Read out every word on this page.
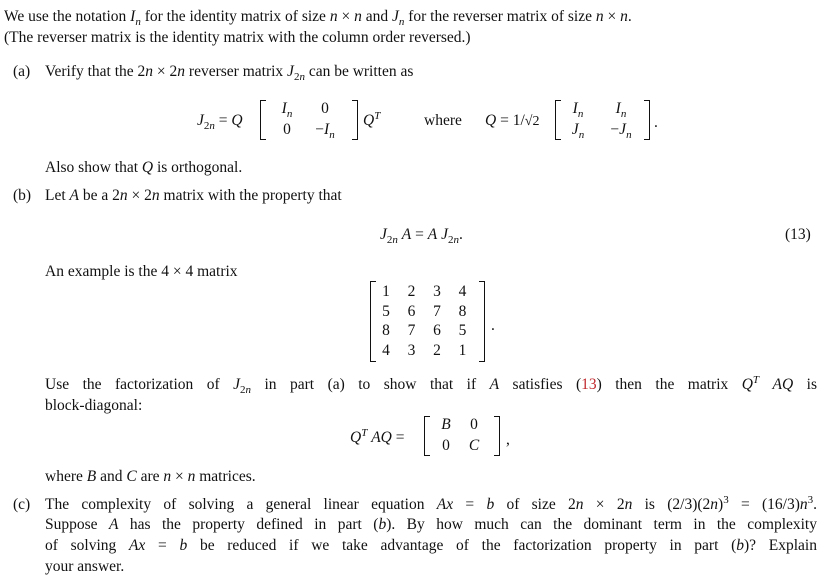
We use the notation $I_n$ for the identity matrix of size n × n and $J_n$ for the reverser matrix of size n × n.
(The reverser matrix is the identity matrix with the column order reversed.)
(a) Verify that the 2n × 2n reverser matrix $J_{2n}$ can be written as
$J_{2n} = Q$
$I_n$	0
0	$-I_n$
$Q^T$	where Q = 1/√2
$I_n$	$I_n$
$J_n$	$-J_n$
.
Also show that Q is orthogonal.
(b) Let A be a 2n × 2n matrix with the property that
$J_{2n}$ A = A $J_{2n}$.	(13)
An example is the 4 × 4 matrix
1 2 3 4
5 6 7 8
8 7 6 5
4 3 2 1
.
Use the factorization of $J_{2n}$ in part (a) to show that if A satisfies (13) then the matrix $Q^T$ AQ is
block-diagonal:
$Q^T$ AQ =
B	0
0	C	,
where B and C are n × n matrices.
(c) The complexity of solving a general linear equation Ax = b of size 2n × 2n is $(2/3)(2n)^3 = (16/3)n^3$.
Suppose A has the property defined in part (b). By how much can the dominant term in the complexity
of solving Ax = b be reduced if we take advantage of the factorization property in part (b)? Explain
your answer.
